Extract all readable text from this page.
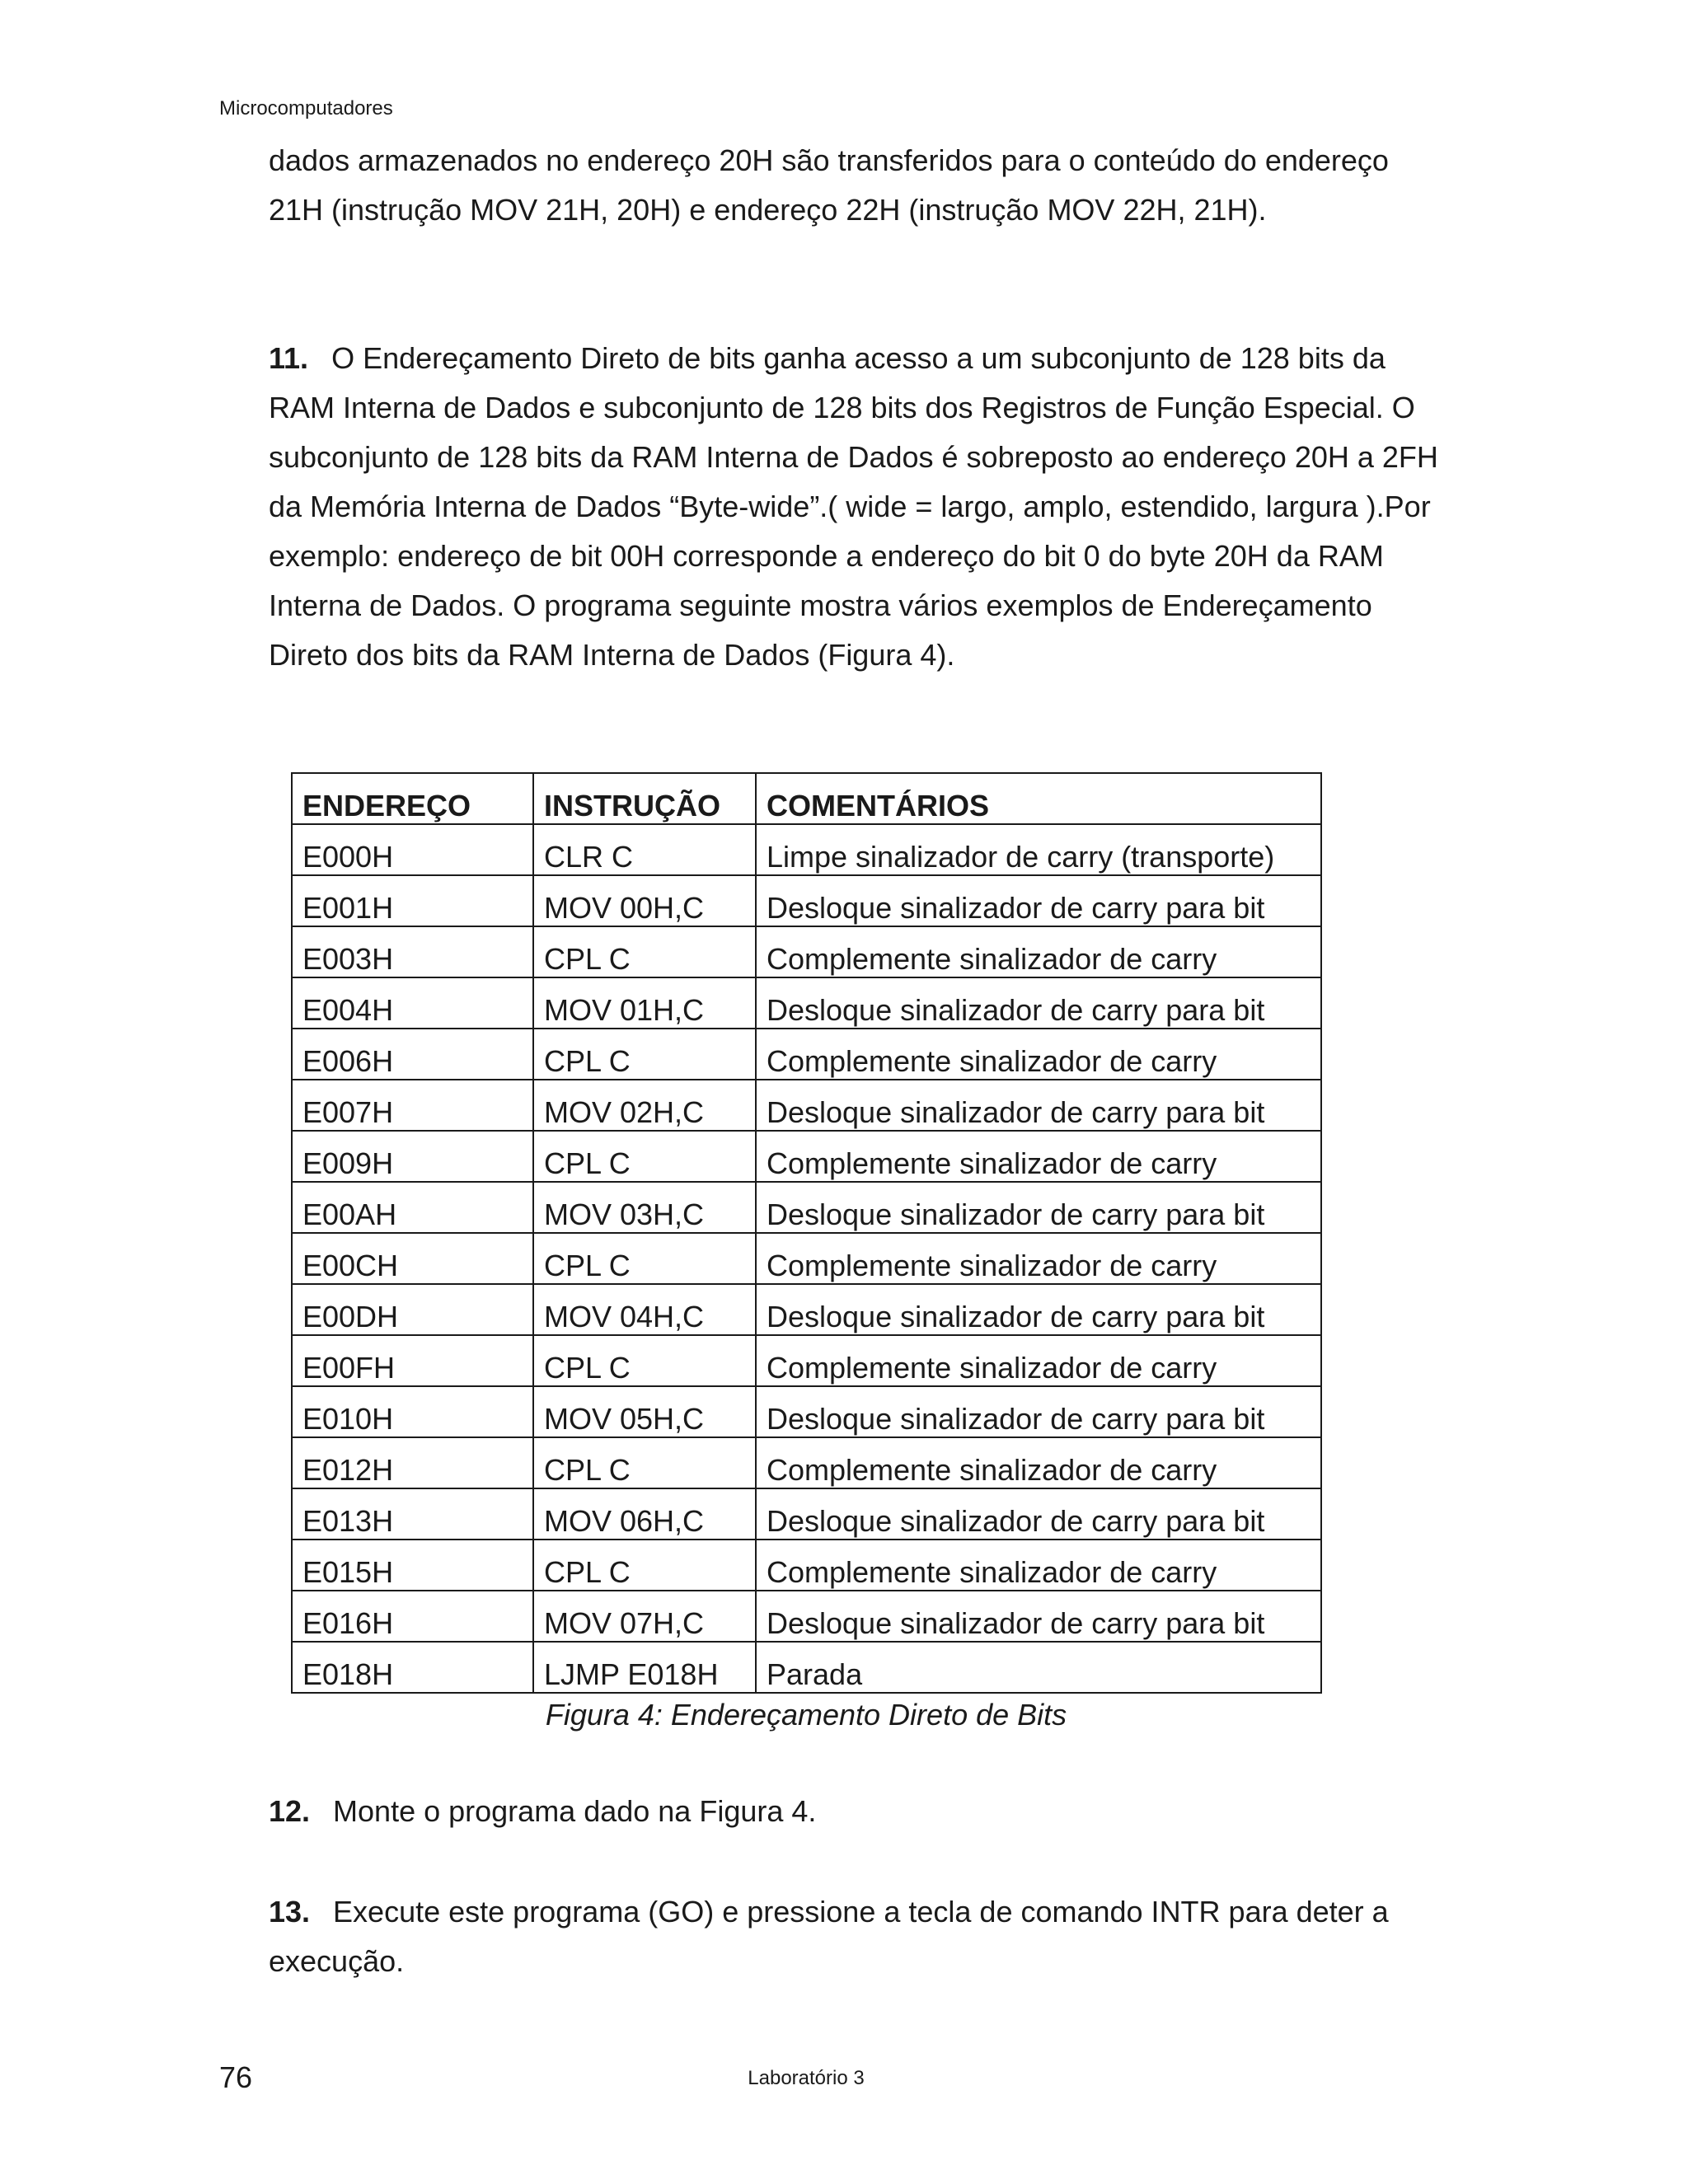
Microcomputadores

dados armazenados no endereço 20H são transferidos para o conteúdo do endereço 21H (instrução MOV 21H, 20H) e endereço 22H (instrução MOV 22H, 21H).

11. O Endereçamento Direto de bits ganha acesso a um subconjunto de 128 bits da RAM Interna de Dados e subconjunto de 128 bits dos Registros de Função Especial. O subconjunto de 128 bits da RAM Interna de Dados é sobreposto ao endereço 20H a 2FH da Memória Interna de Dados “Byte-wide”.( wide = largo, amplo, estendido, largura ).Por exemplo: endereço de bit 00H corresponde a endereço do bit 0 do byte 20H da RAM Interna de Dados. O programa seguinte mostra vários exemplos de Endereçamento Direto dos bits da RAM Interna de Dados (Figura 4).

ENDEREÇO	INSTRUÇÃO	COMENTÁRIOS
E000H	CLR C	Limpe sinalizador de carry (transporte)
E001H	MOV 00H,C	Desloque sinalizador de carry para bit
E003H	CPL C	Complemente sinalizador de carry
E004H	MOV 01H,C	Desloque sinalizador de carry para bit
E006H	CPL C	Complemente sinalizador de carry
E007H	MOV 02H,C	Desloque sinalizador de carry para bit
E009H	CPL C	Complemente sinalizador de carry
E00AH	MOV 03H,C	Desloque sinalizador de carry para bit
E00CH	CPL C	Complemente sinalizador de carry
E00DH	MOV 04H,C	Desloque sinalizador de carry para bit
E00FH	CPL C	Complemente sinalizador de carry
E010H	MOV 05H,C	Desloque sinalizador de carry para bit
E012H	CPL C	Complemente sinalizador de carry
E013H	MOV 06H,C	Desloque sinalizador de carry para bit
E015H	CPL C	Complemente sinalizador de carry
E016H	MOV 07H,C	Desloque sinalizador de carry para bit
E018H	LJMP E018H	Parada
Figura 4: Endereçamento Direto de Bits

12. Monte o programa dado na Figura 4.

13. Execute este programa (GO) e pressione a tecla de comando INTR para deter a execução.

76	Laboratório 3
